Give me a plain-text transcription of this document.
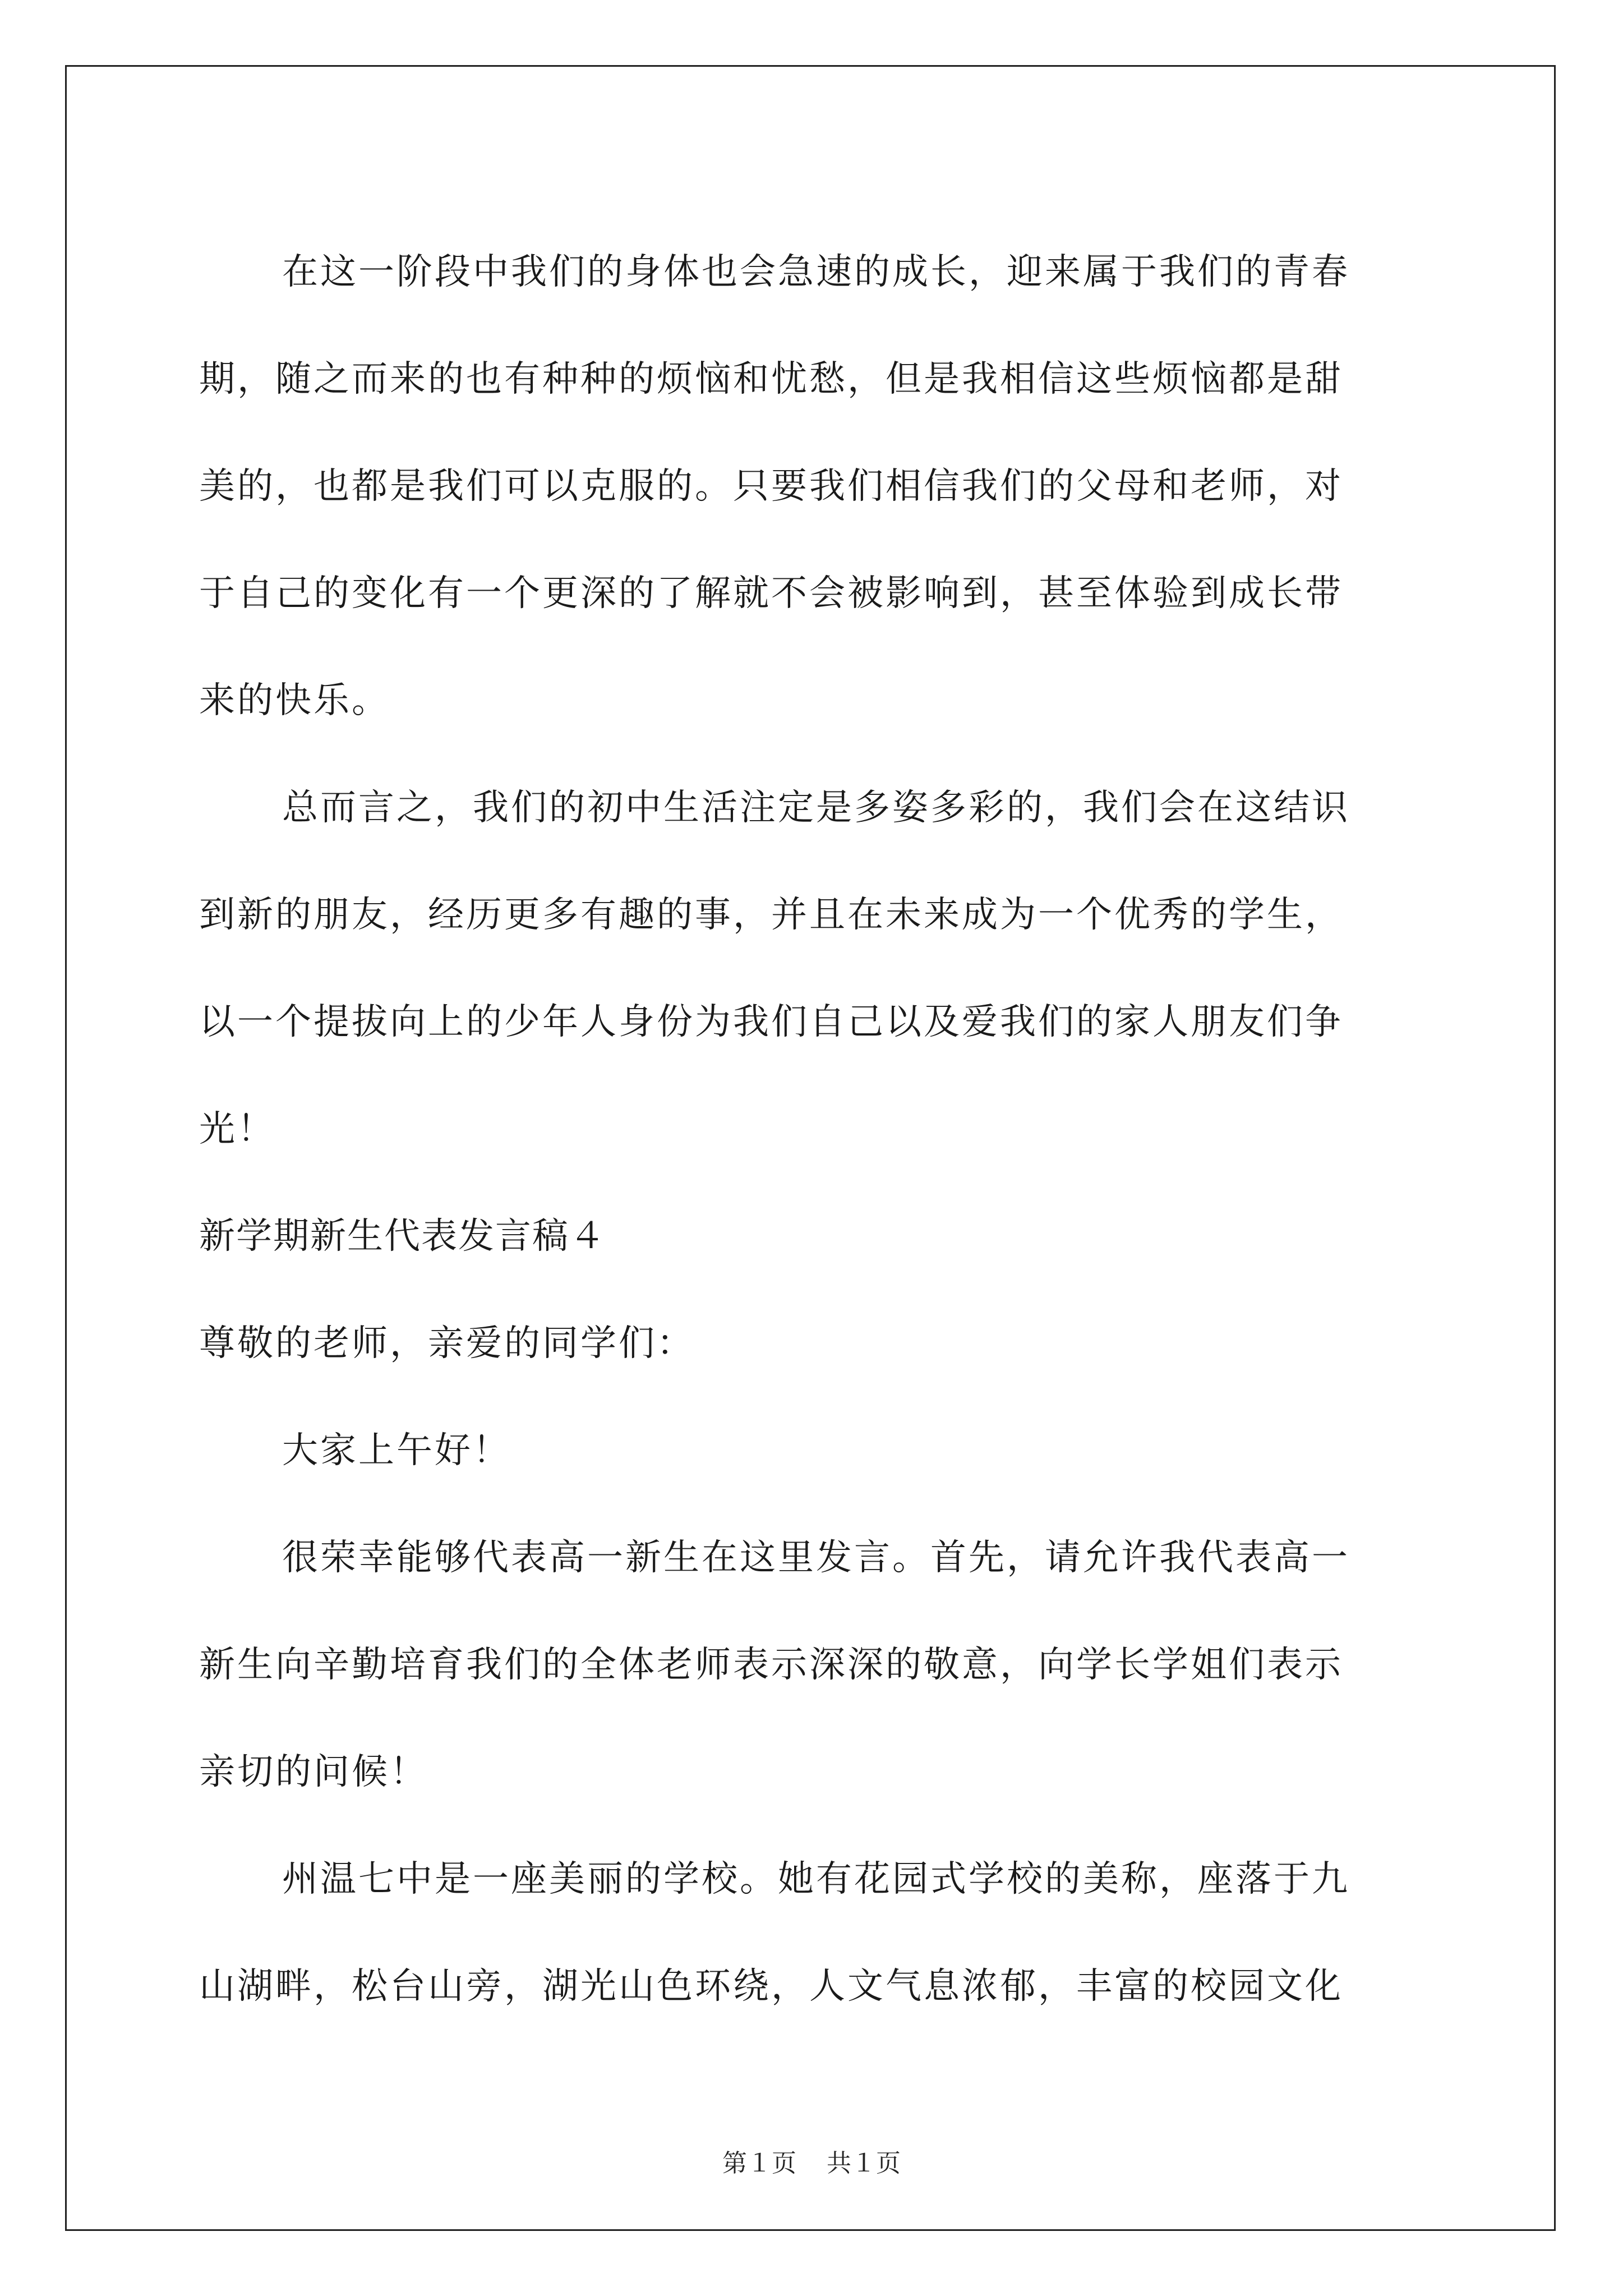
在这一阶段中我们的身体也会急速的成长，迎来属于我们的青春
期，随之而来的也有种种的烦恼和忧愁，但是我相信这些烦恼都是甜
美的，也都是我们可以克服的。只要我们相信我们的父母和老师，对
于自己的变化有一个更深的了解就不会被影响到，甚至体验到成长带
来的快乐。
总而言之，我们的初中生活注定是多姿多彩的，我们会在这结识
到新的朋友，经历更多有趣的事，并且在未来成为一个优秀的学生，
以一个提拔向上的少年人身份为我们自己以及爱我们的家人朋友们争
光！
新学期新生代表发言稿４
尊敬的老师，亲爱的同学们：
大家上午好！
很荣幸能够代表高一新生在这里发言。首先，请允许我代表高一
新生向辛勤培育我们的全体老师表示深深的敬意，向学长学姐们表示
亲切的问候！
州温七中是一座美丽的学校。她有花园式学校的美称，座落于九
山湖畔，松台山旁，湖光山色环绕，人文气息浓郁，丰富的校园文化
第１页 共１页
